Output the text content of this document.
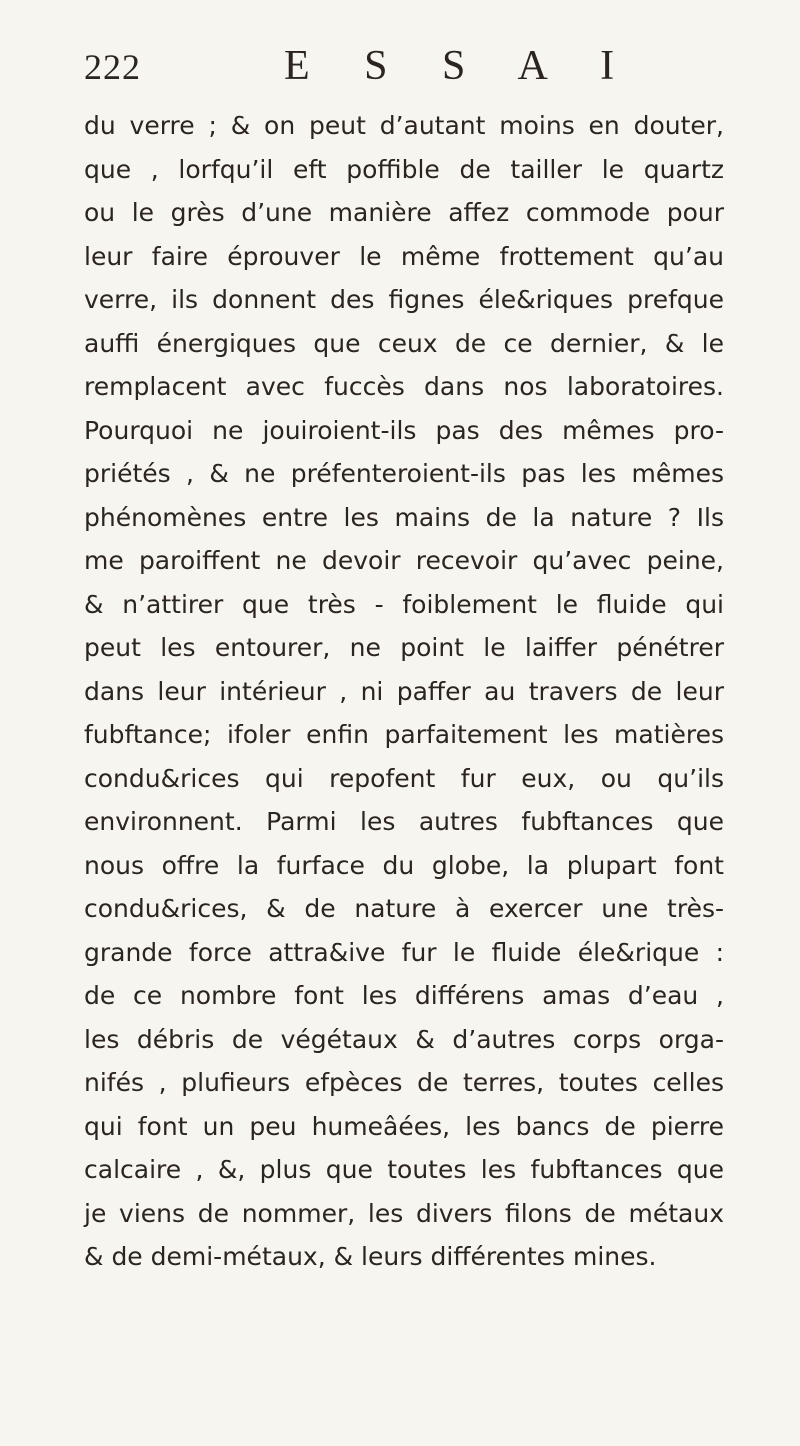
222	E S S A I
du verre ; & on peut d’autant moins en douter,
que , lorfqu’il eft poffible de tailler le quartz
ou le grès d’une manière affez commode pour
leur faire éprouver le même frottement qu’au
verre, ils donnent des fignes éle&riques prefque
auffi énergiques que ceux de ce dernier, & le
remplacent avec fuccès dans nos laboratoires.
Pourquoi ne jouiroient-ils pas des mêmes pro-
priétés , & ne préfenteroient-ils pas les mêmes
phénomènes entre les mains de la nature ? Ils
me paroiffent ne devoir recevoir qu’avec peine,
& n’attirer que très - foiblement le fluide qui
peut les entourer, ne point le laiffer pénétrer
dans leur intérieur , ni paffer au travers de leur
fubftance; ifoler enfin parfaitement les matières
condu&rices qui repofent fur eux, ou qu’ils
environnent. Parmi les autres fubftances que
nous offre la furface du globe, la plupart font
condu&rices, & de nature à exercer une très-
grande force attra&ive fur le fluide éle&rique :
de ce nombre font les différens amas d’eau ,
les débris de végétaux & d’autres corps orga-
nifés , plufieurs efpèces de terres, toutes celles
qui font un peu humeâées, les bancs de pierre
calcaire , &, plus que toutes les fubftances que
je viens de nommer, les divers filons de métaux
& de demi-métaux, & leurs différentes mines.
